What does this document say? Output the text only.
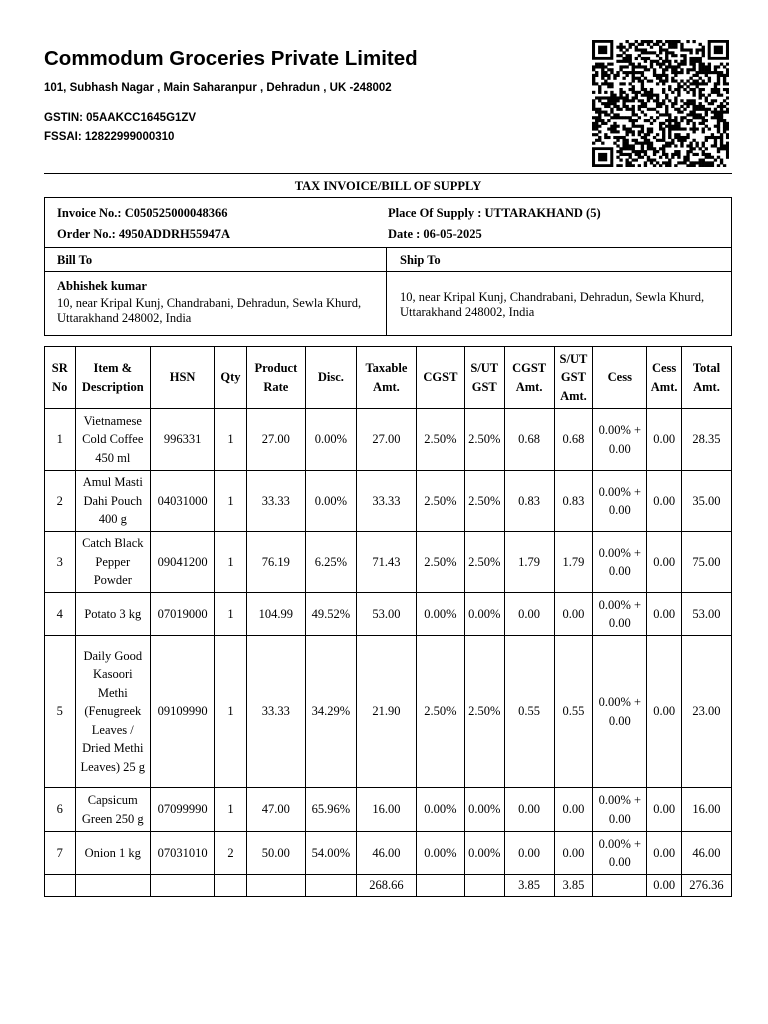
Commodum Groceries Private Limited
101, Subhash Nagar , Main Saharanpur , Dehradun , UK -248002
GSTIN: 05AAKCC1645G1ZV
FSSAI: 12822999000310
TAX INVOICE/BILL OF SUPPLY
Invoice No.: C050525000048366
Order No.: 4950ADDRH55947A
Place Of Supply : UTTARAKHAND (5)
Date : 06-05-2025
Bill To	Ship To
Abhishek kumar
10, near Kripal Kunj, Chandrabani, Dehradun, Sewla Khurd, Uttarakhand 248002, India
10, near Kripal Kunj, Chandrabani, Dehradun, Sewla Khurd, Uttarakhand 248002, India
SR No	Item & Description	HSN	Qty	Product Rate	Disc.	Taxable Amt.	CGST	S/UT GST	CGST Amt.	S/UT GST Amt.	Cess	Cess Amt.	Total Amt.
1	Vietnamese Cold Coffee 450 ml	996331	1	27.00	0.00%	27.00	2.50%	2.50%	0.68	0.68	0.00% + 0.00	0.00	28.35
2	Amul Masti Dahi Pouch 400 g	04031000	1	33.33	0.00%	33.33	2.50%	2.50%	0.83	0.83	0.00% + 0.00	0.00	35.00
3	Catch Black Pepper Powder	09041200	1	76.19	6.25%	71.43	2.50%	2.50%	1.79	1.79	0.00% + 0.00	0.00	75.00
4	Potato 3 kg	07019000	1	104.99	49.52%	53.00	0.00%	0.00%	0.00	0.00	0.00% + 0.00	0.00	53.00
5	Daily Good Kasoori Methi (Fenugreek Leaves / Dried Methi Leaves) 25 g	09109990	1	33.33	34.29%	21.90	2.50%	2.50%	0.55	0.55	0.00% + 0.00	0.00	23.00
6	Capsicum Green 250 g	07099990	1	47.00	65.96%	16.00	0.00%	0.00%	0.00	0.00	0.00% + 0.00	0.00	16.00
7	Onion 1 kg	07031010	2	50.00	54.00%	46.00	0.00%	0.00%	0.00	0.00	0.00% + 0.00	0.00	46.00
						268.66			3.85	3.85		0.00	276.36
